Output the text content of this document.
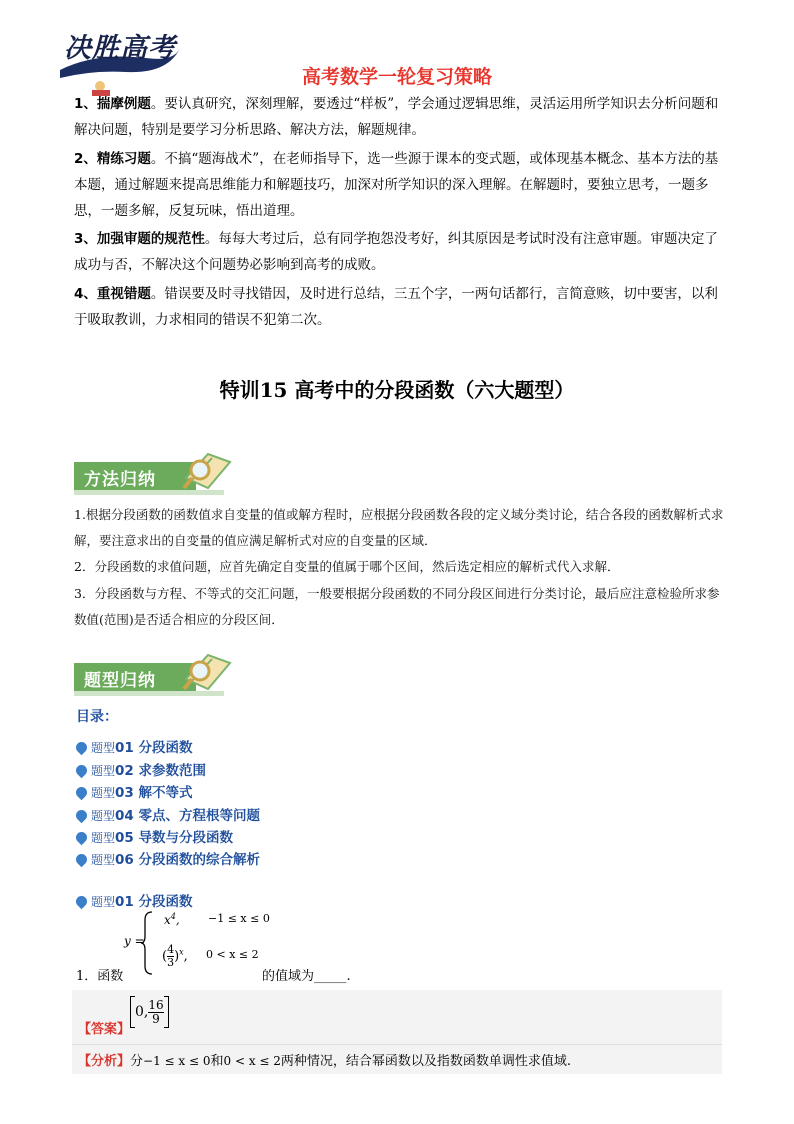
决胜高考
高考数学一轮复习策略
1、揣摩例题。要认真研究，深刻理解，要透过“样板”，学会通过逻辑思维，灵活运用所学知识去分析问题和解决问题，特别是要学习分析思路、解决方法，解题规律。
2、精练习题。不搞“题海战术”，在老师指导下，选一些源于课本的变式题，或体现基本概念、基本方法的基本题，通过解题来提高思维能力和解题技巧，加深对所学知识的深入理解。在解题时，要独立思考，一题多思，一题多解，反复玩味，悟出道理。
3、加强审题的规范性。每每大考过后，总有同学抱怨没考好，纠其原因是考试时没有注意审题。审题决定了成功与否，不解决这个问题势必影响到高考的成败。
4、重视错题。错误要及时寻找错因，及时进行总结，三五个字，一两句话都行，言简意赅，切中要害，以利于吸取教训，力求相同的错误不犯第二次。
特训15 高考中的分段函数（六大题型）
方法归纳
1.根据分段函数的函数值求自变量的值或解方程时，应根据分段函数各段的定义域分类讨论，结合各段的函数解析式求解，要注意求出的自变量的值应满足解析式对应的自变量的区域．
2．分段函数的求值问题，应首先确定自变量的值属于哪个区间，然后选定相应的解析式代入求解．
3．分段函数与方程、不等式的交汇问题，一般要根据分段函数的不同分段区间进行分类讨论，最后应注意检验所求参数值(范围)是否适合相应的分段区间．
题型归纳
目录：
题型01 分段函数
题型02 求参数范围
题型03 解不等式
题型04 零点、方程根等问题
题型05 导数与分段函数
题型06 分段函数的综合解析
题型01 分段函数
y =
$x^4$,
( $\frac{4}{3} )^x$,
−1 ≤ x ≤ 0
0 < x ≤ 2
1．函数	的值域为_____.
【答案】
0, $\frac{16}{9}$
【分析】分−1 ≤ x ≤ 0和0 < x ≤ 2两种情况，结合幂函数以及指数函数单调性求值域.
